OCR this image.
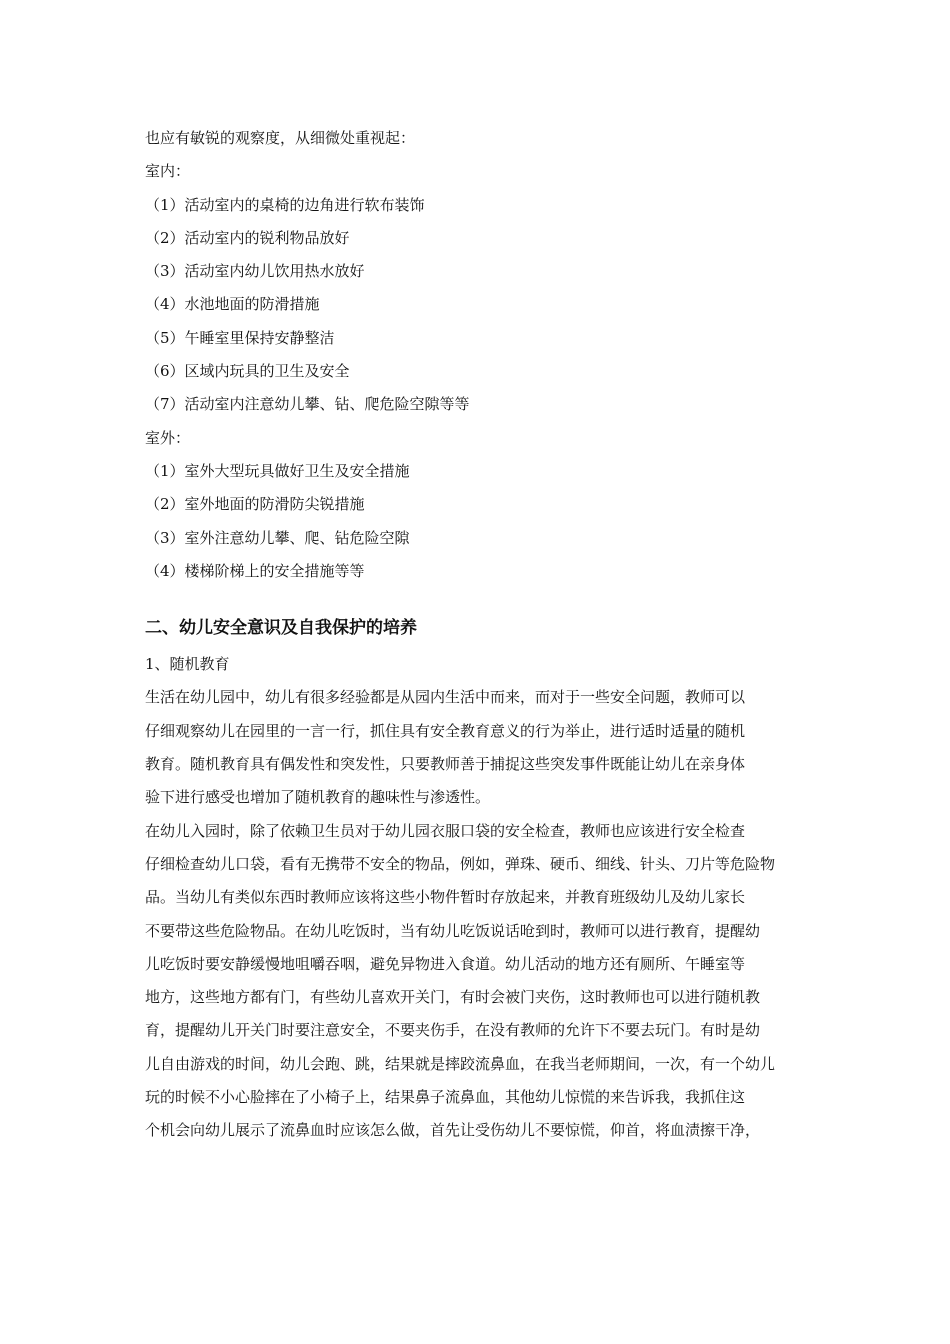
也应有敏锐的观察度，从细微处重视起：
室内：
（1）活动室内的桌椅的边角进行软布装饰
（2）活动室内的锐利物品放好
（3）活动室内幼儿饮用热水放好
（4）水池地面的防滑措施
（5）午睡室里保持安静整洁
（6）区域内玩具的卫生及安全
（7）活动室内注意幼儿攀、钻、爬危险空隙等等
室外：
（1）室外大型玩具做好卫生及安全措施
（2）室外地面的防滑防尖锐措施
（3）室外注意幼儿攀、爬、钻危险空隙
（4）楼梯阶梯上的安全措施等等
二、幼儿安全意识及自我保护的培养
1、随机教育

生活在幼儿园中，幼儿有很多经验都是从园内生活中而来，而对于一些安全问题，教师可以
仔细观察幼儿在园里的一言一行，抓住具有安全教育意义的行为举止，进行适时适量的随机
教育。随机教育具有偶发性和突发性，只要教师善于捕捉这些突发事件既能让幼儿在亲身体
验下进行感受也增加了随机教育的趣味性与渗透性。

在幼儿入园时，除了依赖卫生员对于幼儿园衣服口袋的安全检查，教师也应该进行安全检查
仔细检查幼儿口袋，看有无携带不安全的物品，例如，弹珠、硬币、细线、针头、刀片等危险物
品。当幼儿有类似东西时教师应该将这些小物件暂时存放起来，并教育班级幼儿及幼儿家长
不要带这些危险物品。在幼儿吃饭时，当有幼儿吃饭说话呛到时，教师可以进行教育，提醒幼
儿吃饭时要安静缓慢地咀嚼吞咽，避免异物进入食道。幼儿活动的地方还有厕所、午睡室等
地方，这些地方都有门，有些幼儿喜欢开关门，有时会被门夹伤，这时教师也可以进行随机教
育，提醒幼儿开关门时要注意安全，不要夹伤手，在没有教师的允许下不要去玩门。有时是幼
儿自由游戏的时间，幼儿会跑、跳，结果就是摔跤流鼻血，在我当老师期间，一次，有一个幼儿
玩的时候不小心脸摔在了小椅子上，结果鼻子流鼻血，其他幼儿惊慌的来告诉我，我抓住这
个机会向幼儿展示了流鼻血时应该怎么做，首先让受伤幼儿不要惊慌，仰首，将血渍擦干净，
